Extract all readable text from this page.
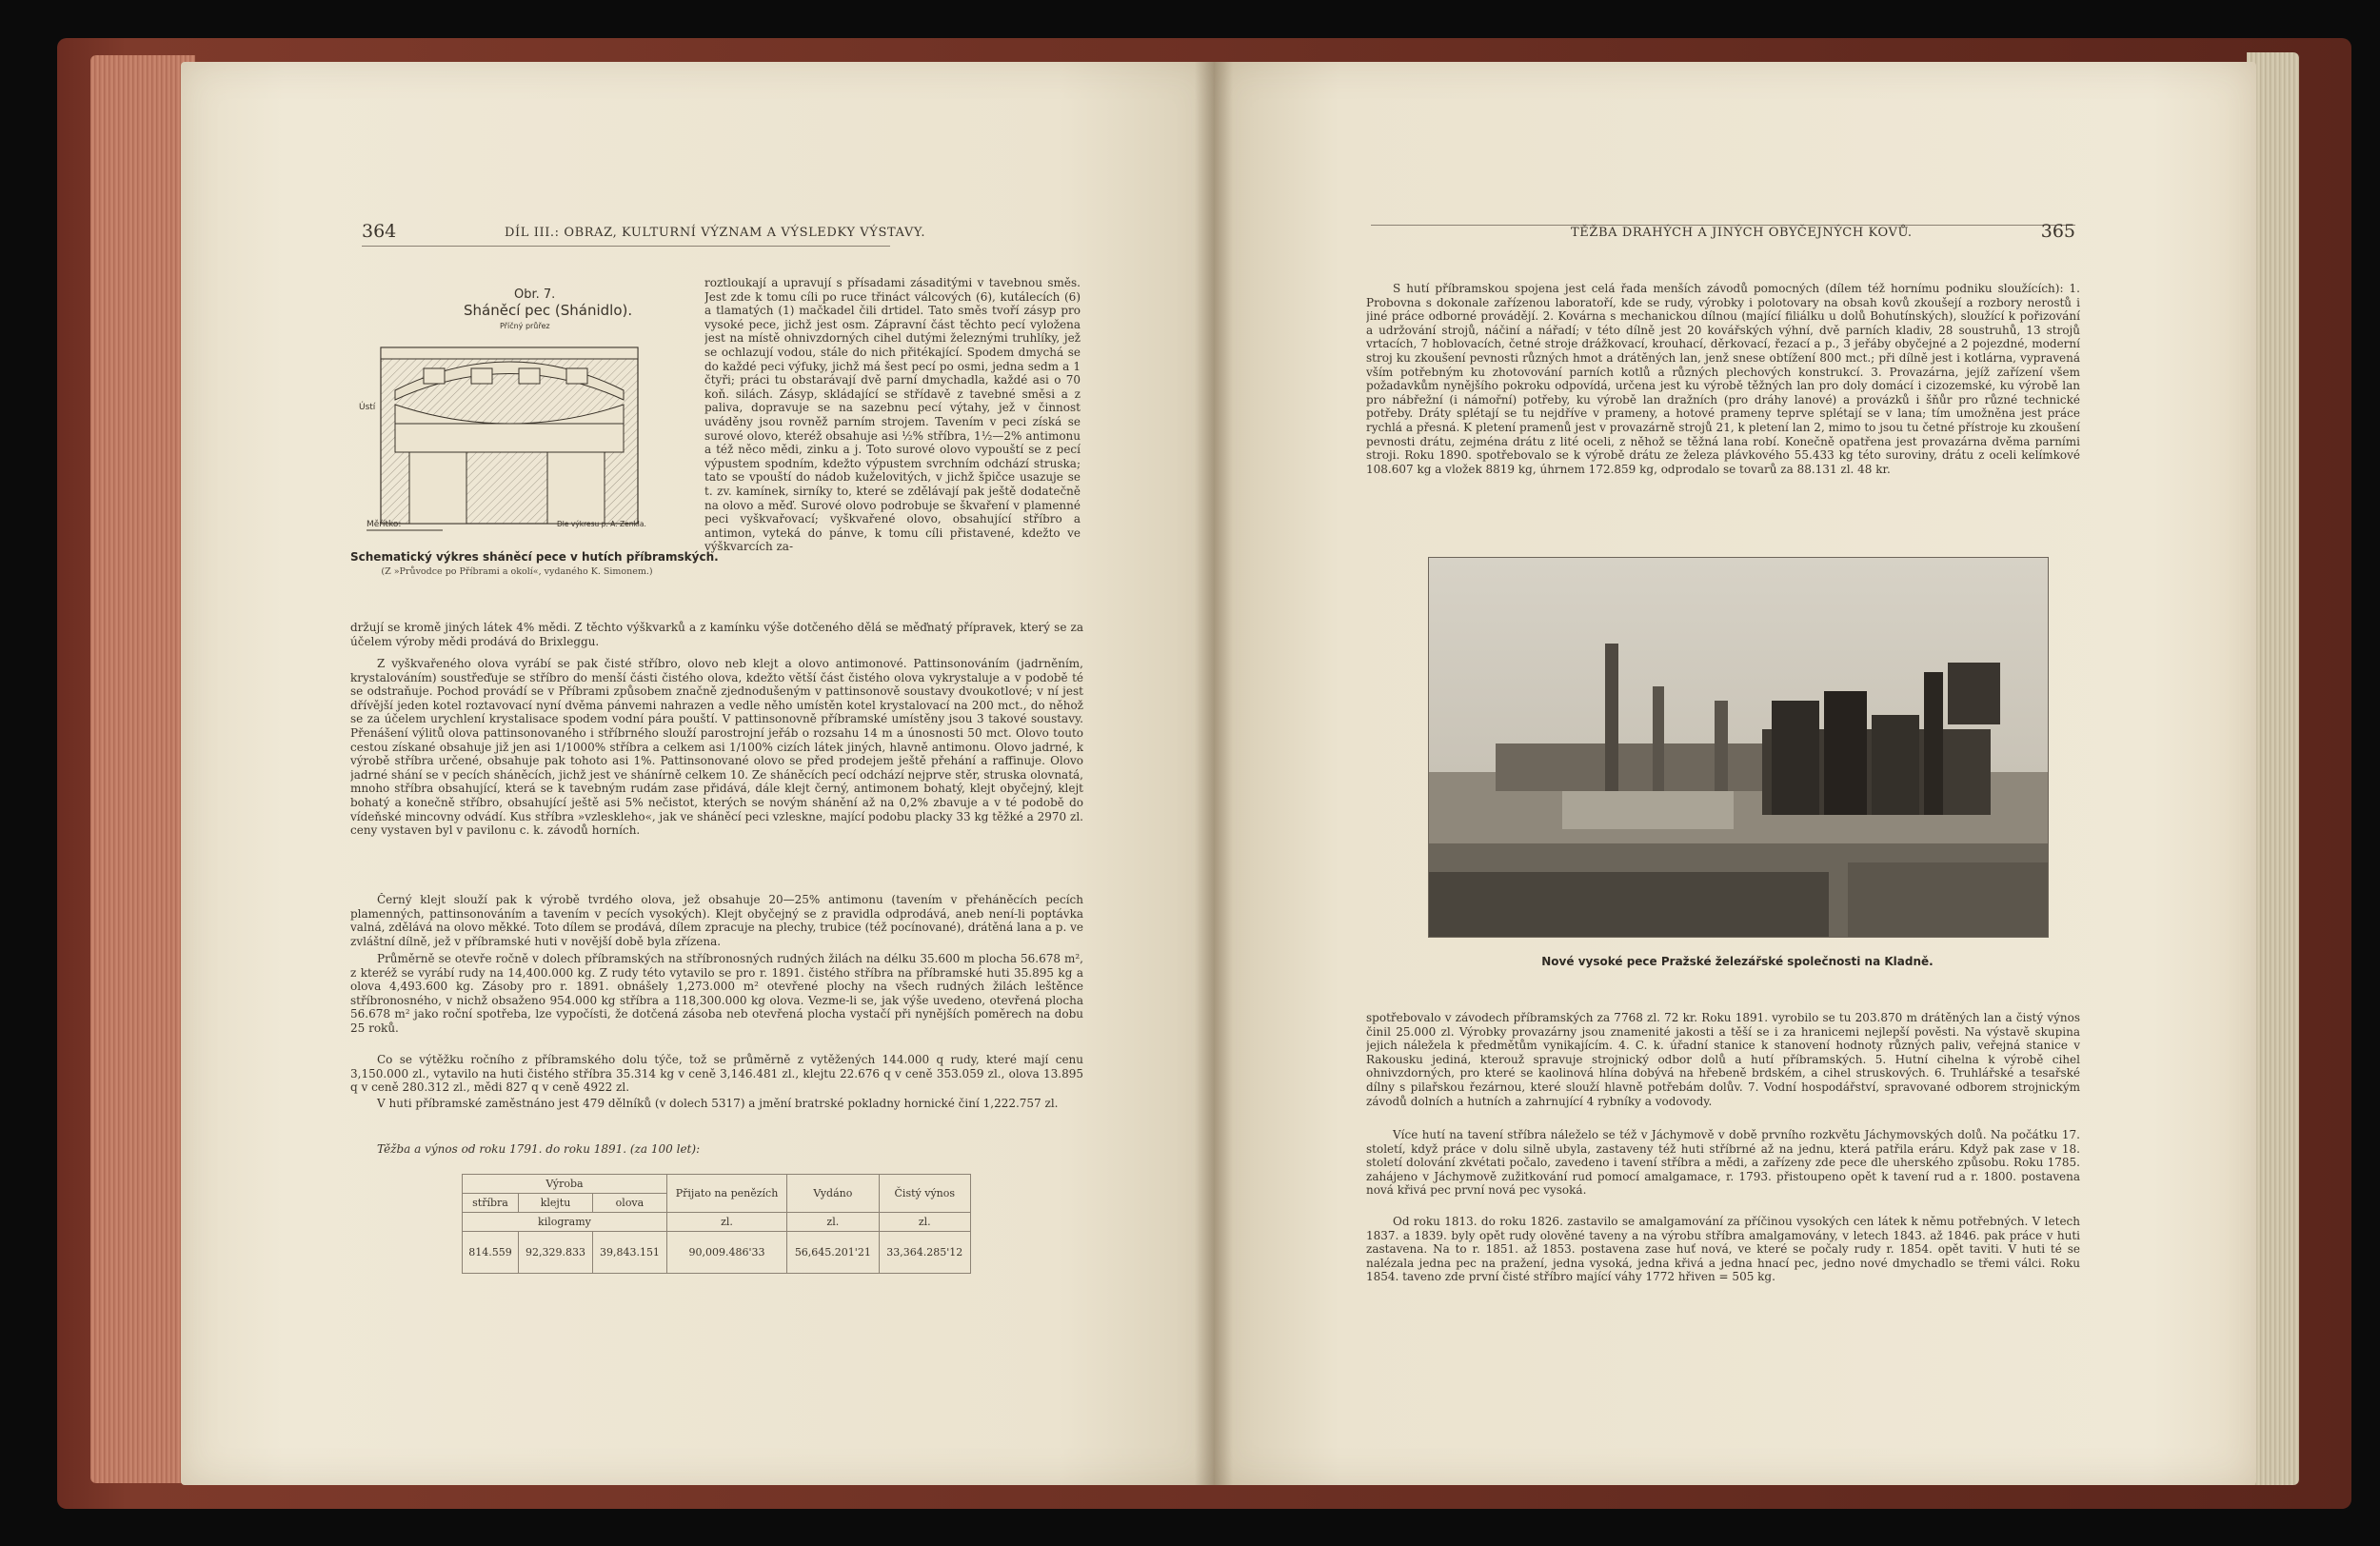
364	DÍL III.: OBRAZ, KULTURNÍ VÝZNAM A VÝSLEDKY VÝSTAVY.
Obr. 7.
Sháněcí pec (Shánidlo).
Příčný průřez
Ústí
Měřítko:	Dle výkresu p. A. Zenkla.
Schematický výkres sháněcí pece v hutích příbramských.
(Z »Průvodce po Příbrami a okolí«, vydaného K. Simonem.)

roztloukají a upravují s přísadami zásaditými v tavebnou směs. Jest zde k tomu cíli po ruce třináct válcových (6), kutálecích (6) a tlamatých (1) mačkadel čili drtidel. Tato směs tvoří zásyp pro vysoké pece, jichž jest osm. Zápravní část těchto pecí vyložena jest na místě ohnivzdorných cihel dutými železnými truhlíky, jež se ochlazují vodou, stále do nich přitékající. Spodem dmychá se do každé peci výfuky, jichž má šest pecí po osmi, jedna sedm a 1 čtyři; práci tu obstarávají dvě parní dmychadla, každé asi o 70 koň. silách. Zásyp, skládající se střídavě z tavebné směsi a z paliva, dopravuje se na sazebnu pecí výtahy, jež v činnost uváděny jsou rovněž parním strojem. Tavením v peci získá se surové olovo, kteréž obsahuje asi ½% stříbra, 1½—2% antimonu a též něco mědi, zinku a j. Toto surové olovo vypouští se z pecí výpustem spodním, kdežto výpustem svrchním odchází struska; tato se vpouští do nádob kuželovitých, v jichž špičce usazuje se t. zv. kamínek, sirníky to, které se zdělávají pak ještě dodatečně na olovo a měď. Surové olovo podrobuje se škvaření v plamenné peci vyškvařovací; vyškvařené olovo, obsahující stříbro a antimon, vyteká do pánve, k tomu cíli přistavené, kdežto ve výškvarcích za-

držují se kromě jiných látek 4% mědi. Z těchto výškvarků a z kamínku výše dotčeného dělá se měďnatý přípravek, který se za účelem výroby mědi prodává do Brixleggu.

Z vyškvařeného olova vyrábí se pak čisté stříbro, olovo neb klejt a olovo antimonové. Pattinsonováním (jadrněním, krystalováním) soustřeďuje se stříbro do menší části čistého olova, kdežto větší část čistého olova vykrystaluje a v podobě té se odstraňuje. Pochod provádí se v Příbrami způsobem značně zjednodušeným v pattinsonově soustavy dvoukotlové; v ní jest dřívější jeden kotel roztavovací nyní dvěma pánvemi nahrazen a vedle něho umístěn kotel krystalovací na 200 mct., do něhož se za účelem urychlení krystalisace spodem vodní pára pouští. V pattinsonovně příbramské umístěny jsou 3 takové soustavy. Přenášení výlitů olova pattinsonovaného i stříbrného slouží parostrojní jeřáb o rozsahu 14 m a únosnosti 50 mct. Olovo touto cestou získané obsahuje již jen asi 1/1000% stříbra a celkem asi 1/100% cizích látek jiných, hlavně antimonu. Olovo jadrné, k výrobě stříbra určené, obsahuje pak tohoto asi 1%. Pattinsonované olovo se před prodejem ještě přehání a raffinuje. Olovo jadrné shání se v pecích sháněcích, jichž jest ve shánírně celkem 10. Ze sháněcích pecí odchází nejprve stěr, struska olovnatá, mnoho stříbra obsahující, která se k tavebným rudám zase přidává, dále klejt černý, antimonem bohatý, klejt obyčejný, klejt bohatý a konečně stříbro, obsahující ještě asi 5% nečistot, kterých se novým shánění až na 0,2% zbavuje a v té podobě do vídeňské mincovny odvádí. Kus stříbra »vzleskleho«, jak ve sháněcí peci vzleskne, mající podobu placky 33 kg těžké a 2970 zl. ceny vystaven byl v pavilonu c. k. závodů horních.

Černý klejt slouží pak k výrobě tvrdého olova, jež obsahuje 20—25% antimonu (tavením v přeháněcích pecích plamenných, pattinsonováním a tavením v pecích vysokých). Klejt obyčejný se z pravidla odprodává, aneb není-li poptávka valná, zdělává na olovo měkké. Toto dílem se prodává, dílem zpracuje na plechy, trubice (též pocínované), drátěná lana a p. ve zvláštní dílně, jež v příbramské huti v novější době byla zřízena.

Průměrně se otevře ročně v dolech příbramských na stříbronosných rudných žilách na délku 35.600 m plocha 56.678 m², z kteréž se vyrábí rudy na 14,400.000 kg. Z rudy této vytavilo se pro r. 1891. čistého stříbra na příbramské huti 35.895 kg a olova 4,493.600 kg. Zásoby pro r. 1891. obnášely 1,273.000 m² otevřené plochy na všech rudných žilách leštěnce stříbronosného, v nichž obsaženo 954.000 kg stříbra a 118,300.000 kg olova. Vezme-li se, jak výše uvedeno, otevřená plocha 56.678 m² jako roční spotřeba, lze vypočísti, že dotčená zásoba neb otevřená plocha vystačí při nynějších poměrech na dobu 25 roků.

Co se výtěžku ročního z příbramského dolu týče, tož se průměrně z vytěžených 144.000 q rudy, které mají cenu 3,150.000 zl., vytavilo na huti čistého stříbra 35.314 kg v ceně 3,146.481 zl., klejtu 22.676 q v ceně 353.059 zl., olova 13.895 q v ceně 280.312 zl., mědi 827 q v ceně 4922 zl.

V huti příbramské zaměstnáno jest 479 dělníků (v dolech 5317) a jmění bratrské pokladny hornické činí 1,222.757 zl.

Těžba a výnos od roku 1791. do roku 1891. (za 100 let):

Výroba			Přijato na penězích	Vydáno	Čistý výnos
stříbra	klejtu	olova			
kilogramy			zl.	zl.	zl.
814.559	92,329.833	39,843.151	90,009.486'33	56,645.201'21	33,364.285'12
TĚŽBA DRAHÝCH A JINÝCH OBYČEJNÝCH KOVŮ.	365

S hutí příbramskou spojena jest celá řada menších závodů pomocných (dílem též hornímu podniku sloužících): 1. Probovna s dokonale zařízenou laboratoří, kde se rudy, výrobky i polotovary na obsah kovů zkoušejí a rozbory nerostů i jiné práce odborné provádějí. 2. Kovárna s mechanickou dílnou (mající filiálku u dolů Bohutínských), sloužící k pořizování a udržování strojů, náčiní a nářadí; v této dílně jest 20 kovářských výhní, dvě parních kladiv, 28 soustruhů, 13 strojů vrtacích, 7 hoblovacích, četné stroje drážkovací, krouhací, děrkovací, řezací a p., 3 jeřáby obyčejné a 2 pojezdné, moderní stroj ku zkoušení pevnosti různých hmot a drátěných lan, jenž snese obtížení 800 mct.; při dílně jest i kotlárna, vypravená vším potřebným ku zhotovování parních kotlů a různých plechových konstrukcí. 3. Provazárna, jejíž zařízení všem požadavkům nynějšího pokroku odpovídá, určena jest ku výrobě těžných lan pro doly domácí i cizozemské, ku výrobě lan pro nábřežní (i námořní) potřeby, ku výrobě lan dražních (pro dráhy lanové) a provázků i šňůr pro různé technické potřeby. Dráty splétají se tu nejdříve v prameny, a hotové prameny teprve splétají se v lana; tím umožněna jest práce rychlá a přesná. K pletení pramenů jest v provazárně strojů 21, k pletení lan 2, mimo to jsou tu četné přístroje ku zkoušení pevnosti drátu, zejména drátu z lité oceli, z něhož se těžná lana robí. Konečně opatřena jest provazárna dvěma parními stroji. Roku 1890. spotřebovalo se k výrobě drátu ze železa plávkového 55.433 kg této suroviny, drátu z oceli kelímkové 108.607 kg a vložek 8819 kg, úhrnem 172.859 kg, odprodalo se tovarů za 88.131 zl. 48 kr.

Nové vysoké pece Pražské železářské společnosti na Kladně.

spotřebovalo v závodech příbramských za 7768 zl. 72 kr. Roku 1891. vyrobilo se tu 203.870 m drátěných lan a čistý výnos činil 25.000 zl. Výrobky provazárny jsou znamenité jakosti a těší se i za hranicemi nejlepší pověsti. Na výstavě skupina jejich náležela k předmětům vynikajícím. 4. C. k. úřadní stanice k stanovení hodnoty různých paliv, veřejná stanice v Rakousku jediná, kterouž spravuje strojnický odbor dolů a hutí příbramských. 5. Hutní cihelna k výrobě cihel ohnivzdorných, pro které se kaolinová hlína dobývá na hřebeně brdském, a cihel struskových. 6. Truhlářské a tesařské dílny s pilařskou řezárnou, které slouží hlavně potřebám dolův. 7. Vodní hospodářství, spravované odborem strojnickým závodů dolních a hutních a zahrnující 4 rybníky a vodovody.

Více hutí na tavení stříbra náleželo se též v Jáchymově v době prvního rozkvětu Jáchymovských dolů. Na počátku 17. století, když práce v dolu silně ubyla, zastaveny též huti stříbrné až na jednu, která patřila eráru. Když pak zase v 18. století dolování zkvétati počalo, zavedeno i tavení stříbra a mědi, a zařízeny zde pece dle uherského způsobu. Roku 1785. zahájeno v Jáchymově zužitkování rud pomocí amalgamace, r. 1793. přistoupeno opět k tavení rud a r. 1800. postavena nová křivá pec první nová pec vysoká.

Od roku 1813. do roku 1826. zastavilo se amalgamování za příčinou vysokých cen látek k němu potřebných. V letech 1837. a 1839. byly opět rudy olověné taveny a na výrobu stříbra amalgamovány, v letech 1843. až 1846. pak práce v huti zastavena. Na to r. 1851. až 1853. postavena zase huť nová, ve které se počaly rudy r. 1854. opět taviti. V huti té se nalézala jedna pec na pražení, jedna vysoká, jedna křivá a jedna hnací pec, jedno nové dmychadlo se třemi válci. Roku 1854. taveno zde první čisté stříbro mající váhy 1772 hřiven = 505 kg.
